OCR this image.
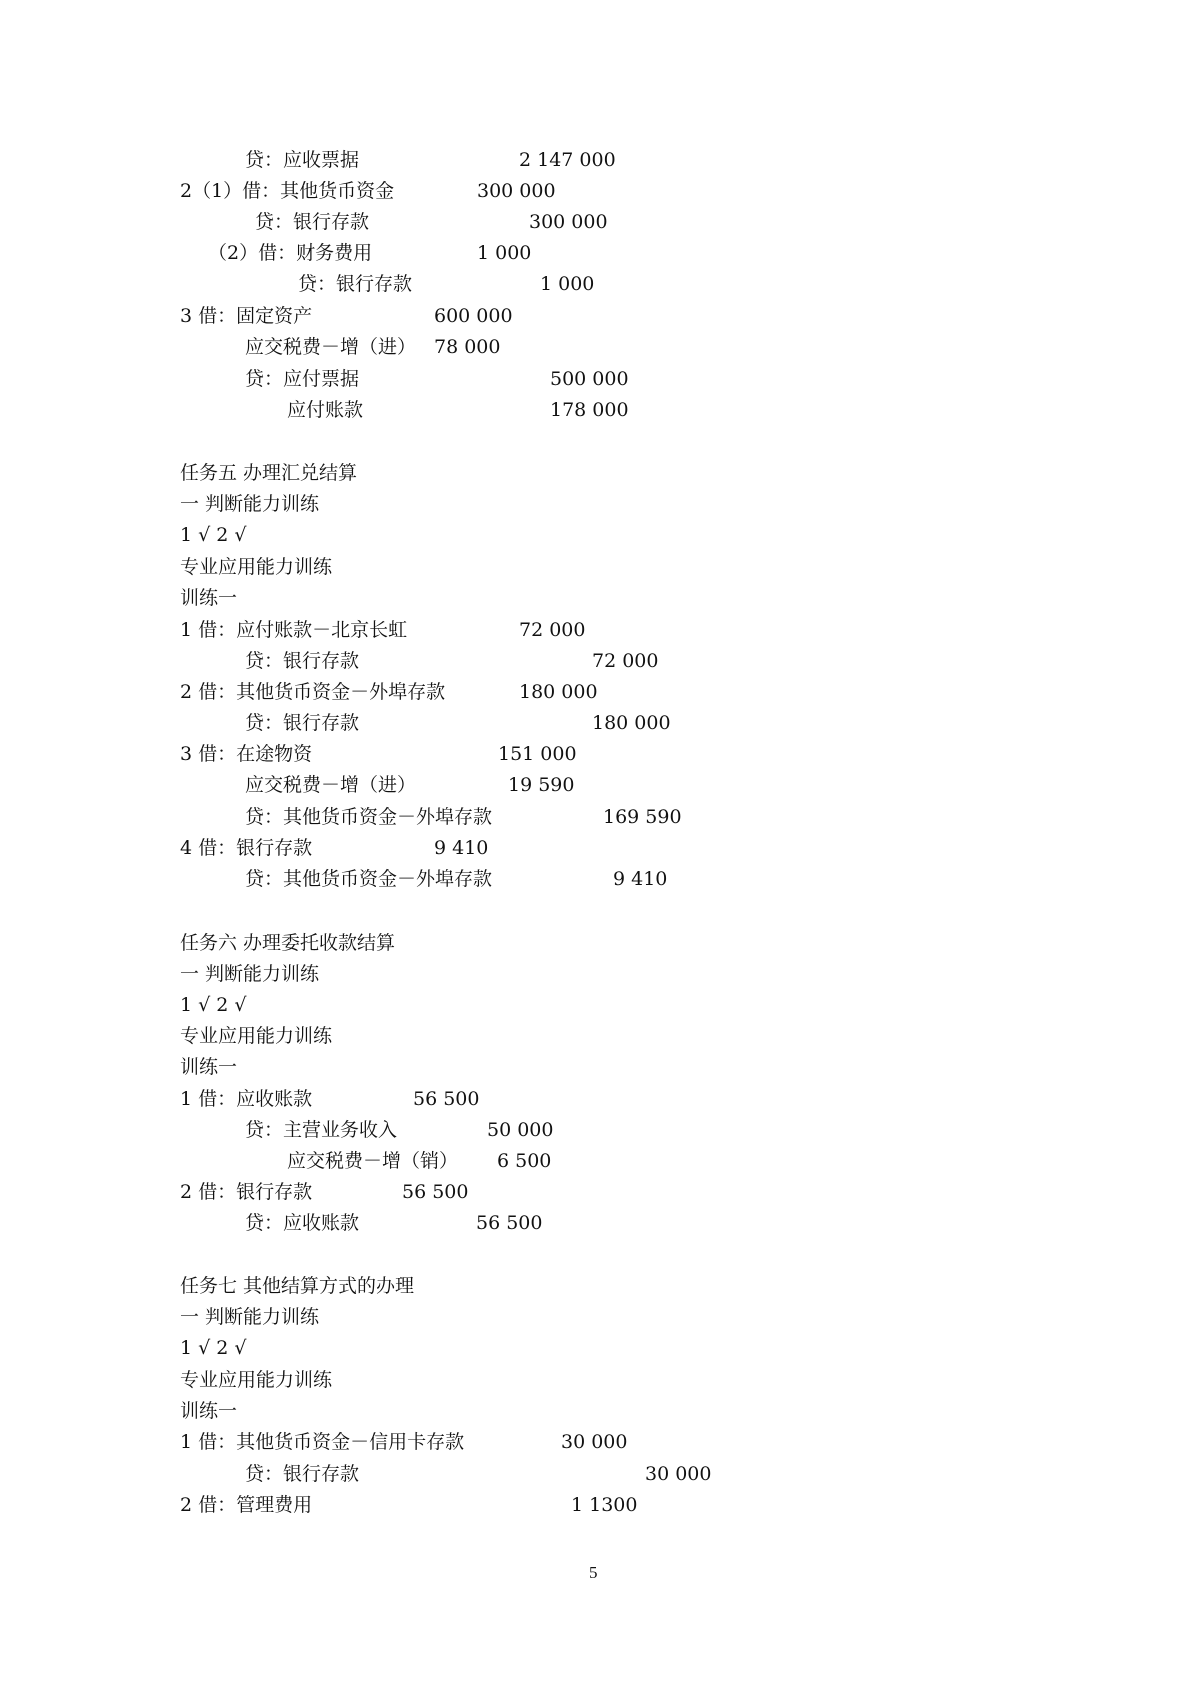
贷：应收票据	2 147 000
2（1）借：其他货币资金	300 000
贷：银行存款	300 000
（2）借：财务费用	1 000
贷：银行存款	1 000
3 借：固定资产	600 000
应交税费－增（进） 78 000
贷：应付票据	500 000
应付账款	178 000
任务五 办理汇兑结算
一 判断能力训练
1 √ 2 √
专业应用能力训练
训练一
1 借：应付账款－北京长虹	72 000
贷：银行存款	72 000
2 借：其他货币资金－外埠存款	180 000
贷：银行存款	180 000
3 借：在途物资	151 000
应交税费－增（进）	19 590
贷：其他货币资金－外埠存款	169 590
4 借：银行存款	9 410
贷：其他货币资金－外埠存款	9 410
任务六 办理委托收款结算
一 判断能力训练
1 √ 2 √
专业应用能力训练
训练一
1 借：应收账款	56 500
贷：主营业务收入	50 000
应交税费－增（销） 6 500
2 借：银行存款	56 500
贷：应收账款	56 500
任务七 其他结算方式的办理
一 判断能力训练
1 √ 2 √
专业应用能力训练
训练一
1 借：其他货币资金－信用卡存款	30 000
贷：银行存款	30 000
2 借：管理费用	1 1300
5
